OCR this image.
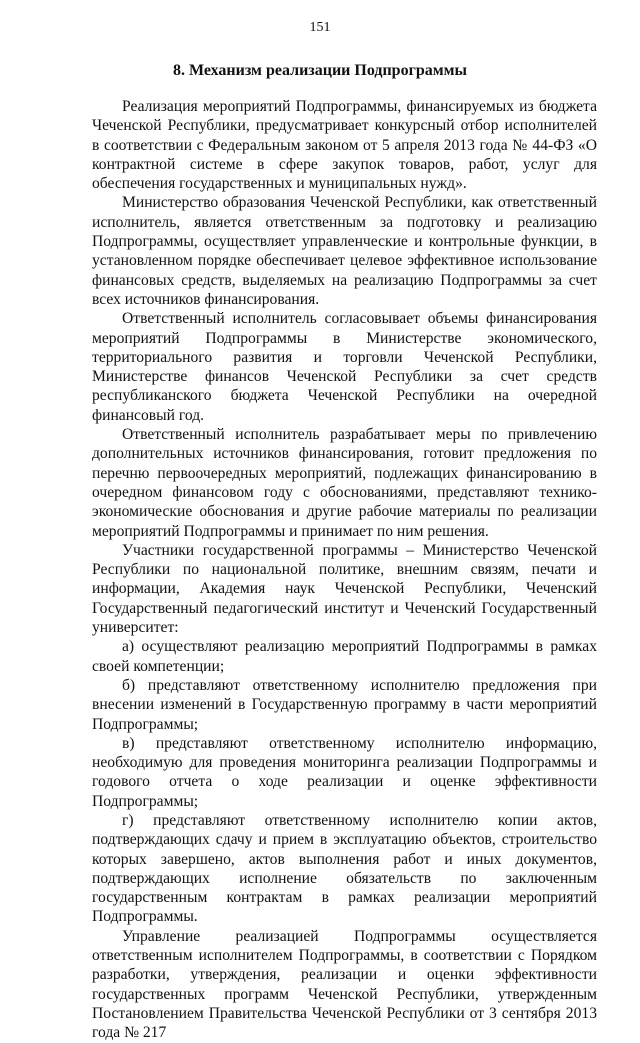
151
8. Механизм реализации Подпрограммы

Реализация мероприятий Подпрограммы, финансируемых из бюджета Чеченской Республики, предусматривает конкурсный отбор исполнителей в соответствии с Федеральным законом от 5 апреля 2013 года № 44-ФЗ «О контрактной системе в сфере закупок товаров, работ, услуг для обеспечения государственных и муниципальных нужд».

Министерство образования Чеченской Республики, как ответственный исполнитель, является ответственным за подготовку и реализацию Подпрограммы, осуществляет управленческие и контрольные функции, в установленном порядке обеспечивает целевое эффективное использование финансовых средств, выделяемых на реализацию Подпрограммы за счет всех источников финансирования.

Ответственный исполнитель согласовывает объемы финансирования мероприятий Подпрограммы в Министерстве экономического, территориального развития и торговли Чеченской Республики, Министерстве финансов Чеченской Республики за счет средств республиканского бюджета Чеченской Республики на очередной финансовый год.

Ответственный исполнитель разрабатывает меры по привлечению дополнительных источников финансирования, готовит предложения по перечню первоочередных мероприятий, подлежащих финансированию в очередном финансовом году с обоснованиями, представляют технико-экономические обоснования и другие рабочие материалы по реализации мероприятий Подпрограммы и принимает по ним решения.

Участники государственной программы – Министерство Чеченской Республики по национальной политике, внешним связям, печати и информации, Академия наук Чеченской Республики, Чеченский Государственный педагогический институт и Чеченский Государственный университет:

а) осуществляют реализацию мероприятий Подпрограммы в рамках своей компетенции;

б) представляют ответственному исполнителю предложения при внесении изменений в Государственную программу в части мероприятий Подпрограммы;

в) представляют ответственному исполнителю информацию, необходимую для проведения мониторинга реализации Подпрограммы и годового отчета о ходе реализации и оценке эффективности Подпрограммы;

г) представляют ответственному исполнителю копии актов, подтверждающих сдачу и прием в эксплуатацию объектов, строительство которых завершено, актов выполнения работ и иных документов, подтверждающих исполнение обязательств по заключенным государственным контрактам в рамках реализации мероприятий Подпрограммы.

Управление реализацией Подпрограммы осуществляется ответственным исполнителем Подпрограммы, в соответствии с Порядком разработки, утверждения, реализации и оценки эффективности государственных программ Чеченской Республики, утвержденным Постановлением Правительства Чеченской Республики от 3 сентября 2013 года № 217
